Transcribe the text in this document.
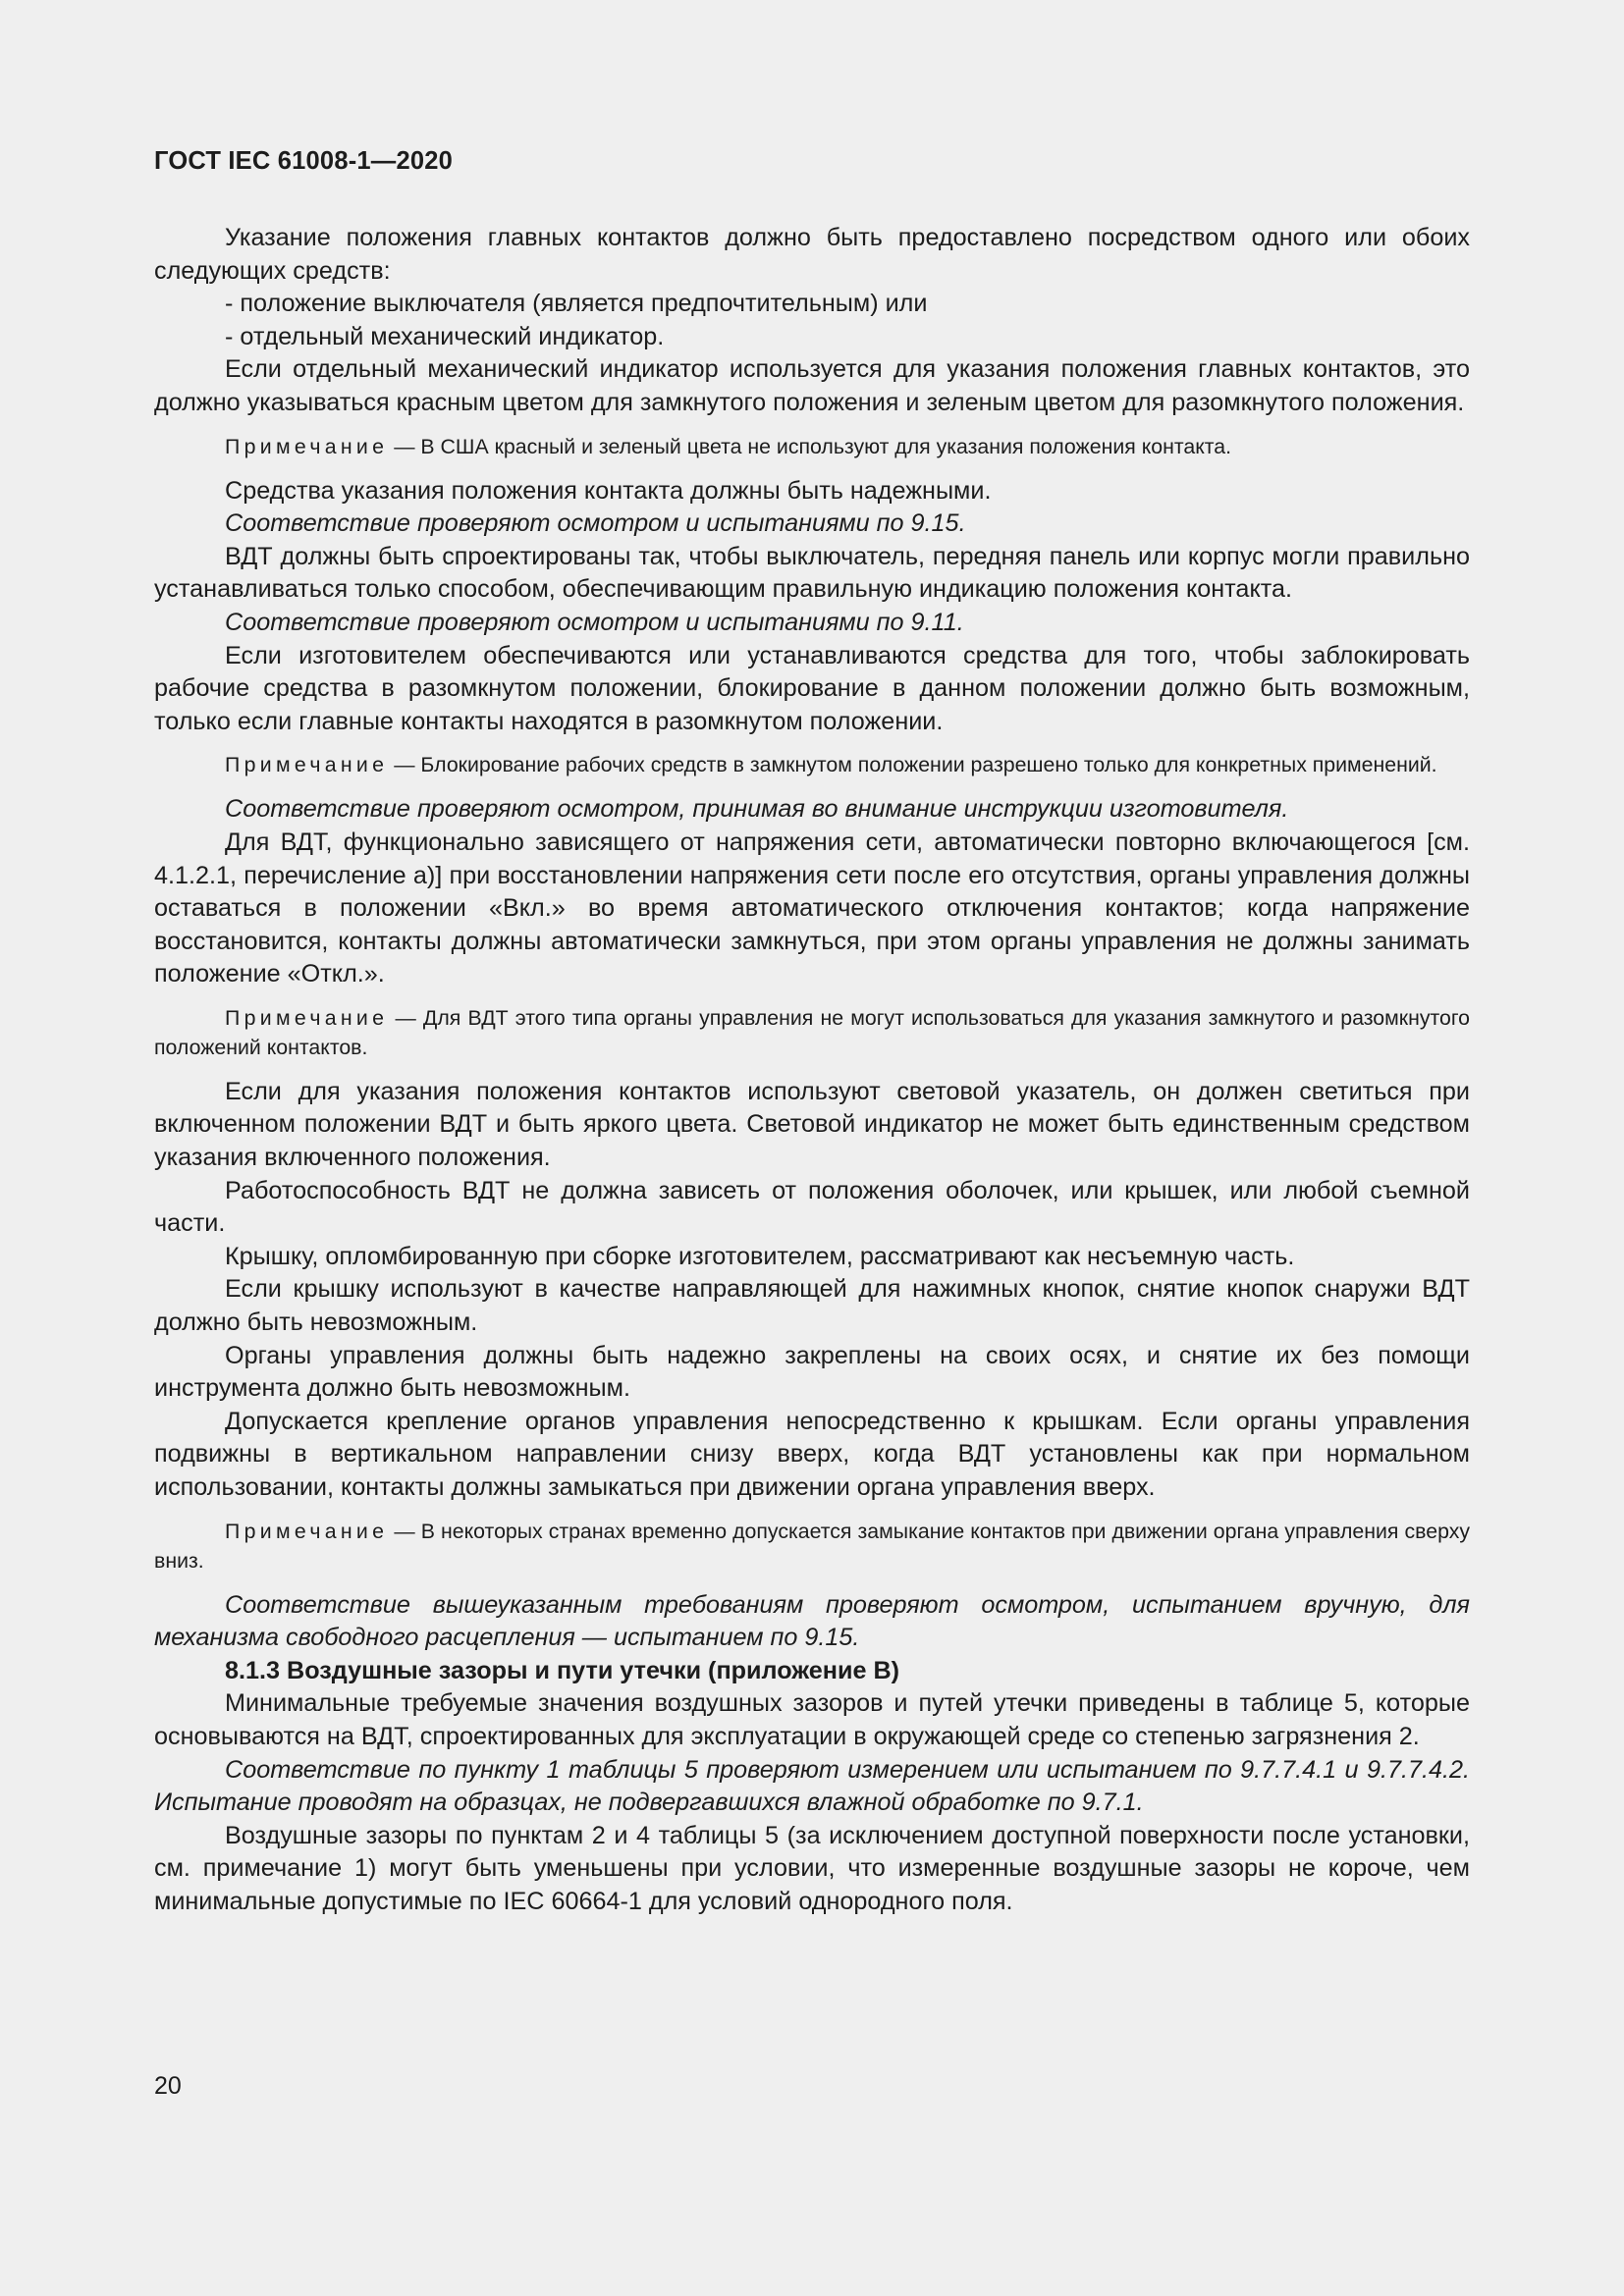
ГОСТ IEC 61008-1—2020

Указание положения главных контактов должно быть предоставлено посредством одного или обоих следующих средств:

- положение выключателя (является предпочтительным) или

- отдельный механический индикатор.

Если отдельный механический индикатор используется для указания положения главных контактов, это должно указываться красным цветом для замкнутого положения и зеленым цветом для разомкнутого положения.

Примечание — В США красный и зеленый цвета не используют для указания положения контакта.

Средства указания положения контакта должны быть надежными.

Соответствие проверяют осмотром и испытаниями по 9.15.

ВДТ должны быть спроектированы так, чтобы выключатель, передняя панель или корпус могли правильно устанавливаться только способом, обеспечивающим правильную индикацию положения контакта.

Соответствие проверяют осмотром и испытаниями по 9.11.

Если изготовителем обеспечиваются или устанавливаются средства для того, чтобы заблокировать рабочие средства в разомкнутом положении, блокирование в данном положении должно быть возможным, только если главные контакты находятся в разомкнутом положении.

Примечание — Блокирование рабочих средств в замкнутом положении разрешено только для конкретных применений.

Соответствие проверяют осмотром, принимая во внимание инструкции изготовителя.

Для ВДТ, функционально зависящего от напряжения сети, автоматически повторно включающегося [см. 4.1.2.1, перечисление а)] при восстановлении напряжения сети после его отсутствия, органы управления должны оставаться в положении «Вкл.» во время автоматического отключения контактов; когда напряжение восстановится, контакты должны автоматически замкнуться, при этом органы управления не должны занимать положение «Откл.».

Примечание — Для ВДТ этого типа органы управления не могут использоваться для указания замкнутого и разомкнутого положений контактов.

Если для указания положения контактов используют световой указатель, он должен светиться при включенном положении ВДТ и быть яркого цвета. Световой индикатор не может быть единственным средством указания включенного положения.

Работоспособность ВДТ не должна зависеть от положения оболочек, или крышек, или любой съемной части.

Крышку, опломбированную при сборке изготовителем, рассматривают как несъемную часть.

Если крышку используют в качестве направляющей для нажимных кнопок, снятие кнопок снаружи ВДТ должно быть невозможным.

Органы управления должны быть надежно закреплены на своих осях, и снятие их без помощи инструмента должно быть невозможным.

Допускается крепление органов управления непосредственно к крышкам. Если органы управления подвижны в вертикальном направлении снизу вверх, когда ВДТ установлены как при нормальном использовании, контакты должны замыкаться при движении органа управления вверх.

Примечание — В некоторых странах временно допускается замыкание контактов при движении органа управления сверху вниз.

Соответствие вышеуказанным требованиям проверяют осмотром, испытанием вручную, для механизма свободного расцепления — испытанием по 9.15.

8.1.3 Воздушные зазоры и пути утечки (приложение В)

Минимальные требуемые значения воздушных зазоров и путей утечки приведены в таблице 5, которые основываются на ВДТ, спроектированных для эксплуатации в окружающей среде со степенью загрязнения 2.

Соответствие по пункту 1 таблицы 5 проверяют измерением или испытанием по 9.7.7.4.1 и 9.7.7.4.2. Испытание проводят на образцах, не подвергавшихся влажной обработке по 9.7.1.

Воздушные зазоры по пунктам 2 и 4 таблицы 5 (за исключением доступной поверхности после установки, см. примечание 1) могут быть уменьшены при условии, что измеренные воздушные зазоры не короче, чем минимальные допустимые по IEC 60664-1 для условий однородного поля.

20
